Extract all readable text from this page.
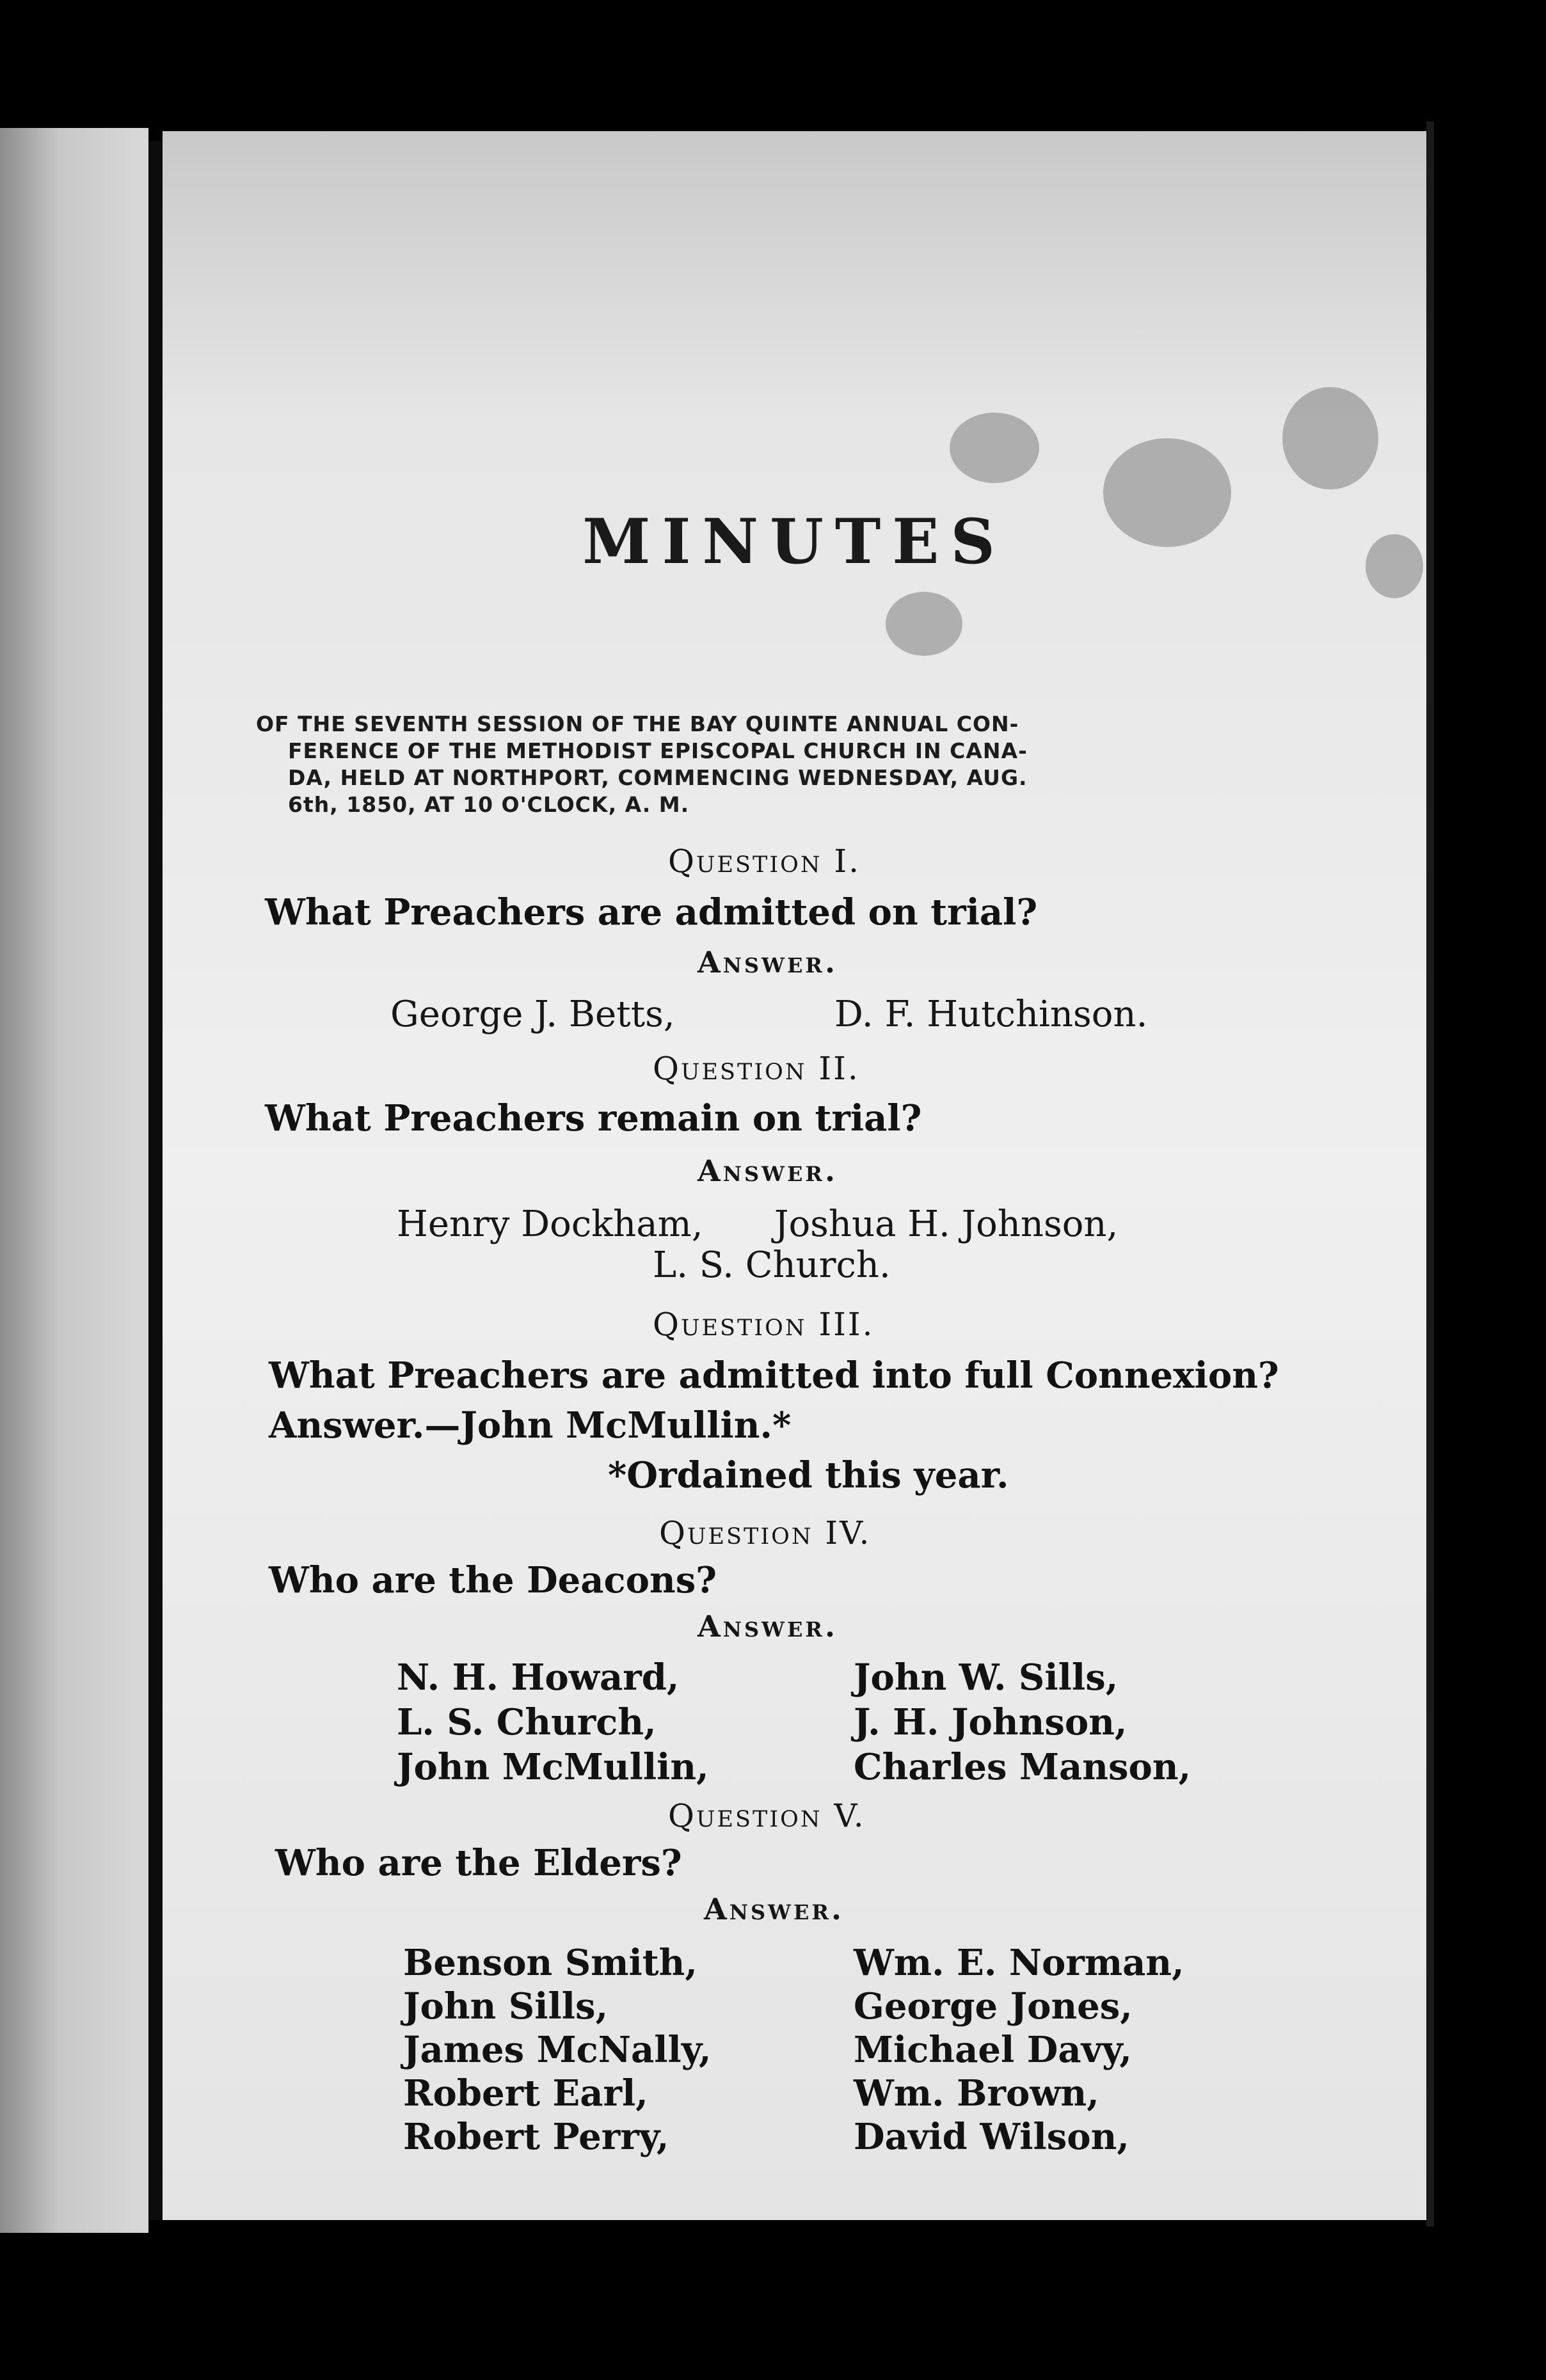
MINUTES
OF THE SEVENTH SESSION OF THE BAY QUINTE ANNUAL CON-
FERENCE OF THE METHODIST EPISCOPAL CHURCH IN CANA-
DA, HELD AT NORTHPORT, COMMENCING WEDNESDAY, AUG.
6th, 1850, AT 10 O'CLOCK, A. M.
Question I.
What Preachers are admitted on trial?
Answer.
George J. Betts,	D. F. Hutchinson.
Question II.
What Preachers remain on trial?
Answer.
Henry Dockham, Joshua H. Johnson,
L. S. Church.
Question III.
What Preachers are admitted into full Connexion?
Answer.—John McMullin.*
*Ordained this year.
Question IV.
Who are the Deacons?
Answer.
N. H. Howard,
L. S. Church,
John McMullin,
John W. Sills,
J. H. Johnson,
Charles Manson,
Question V.
Who are the Elders?
Answer.
Benson Smith,
John Sills,
James McNally,
Robert Earl,
Robert Perry,
Wm. E. Norman,
George Jones,
Michael Davy,
Wm. Brown,
David Wilson,
